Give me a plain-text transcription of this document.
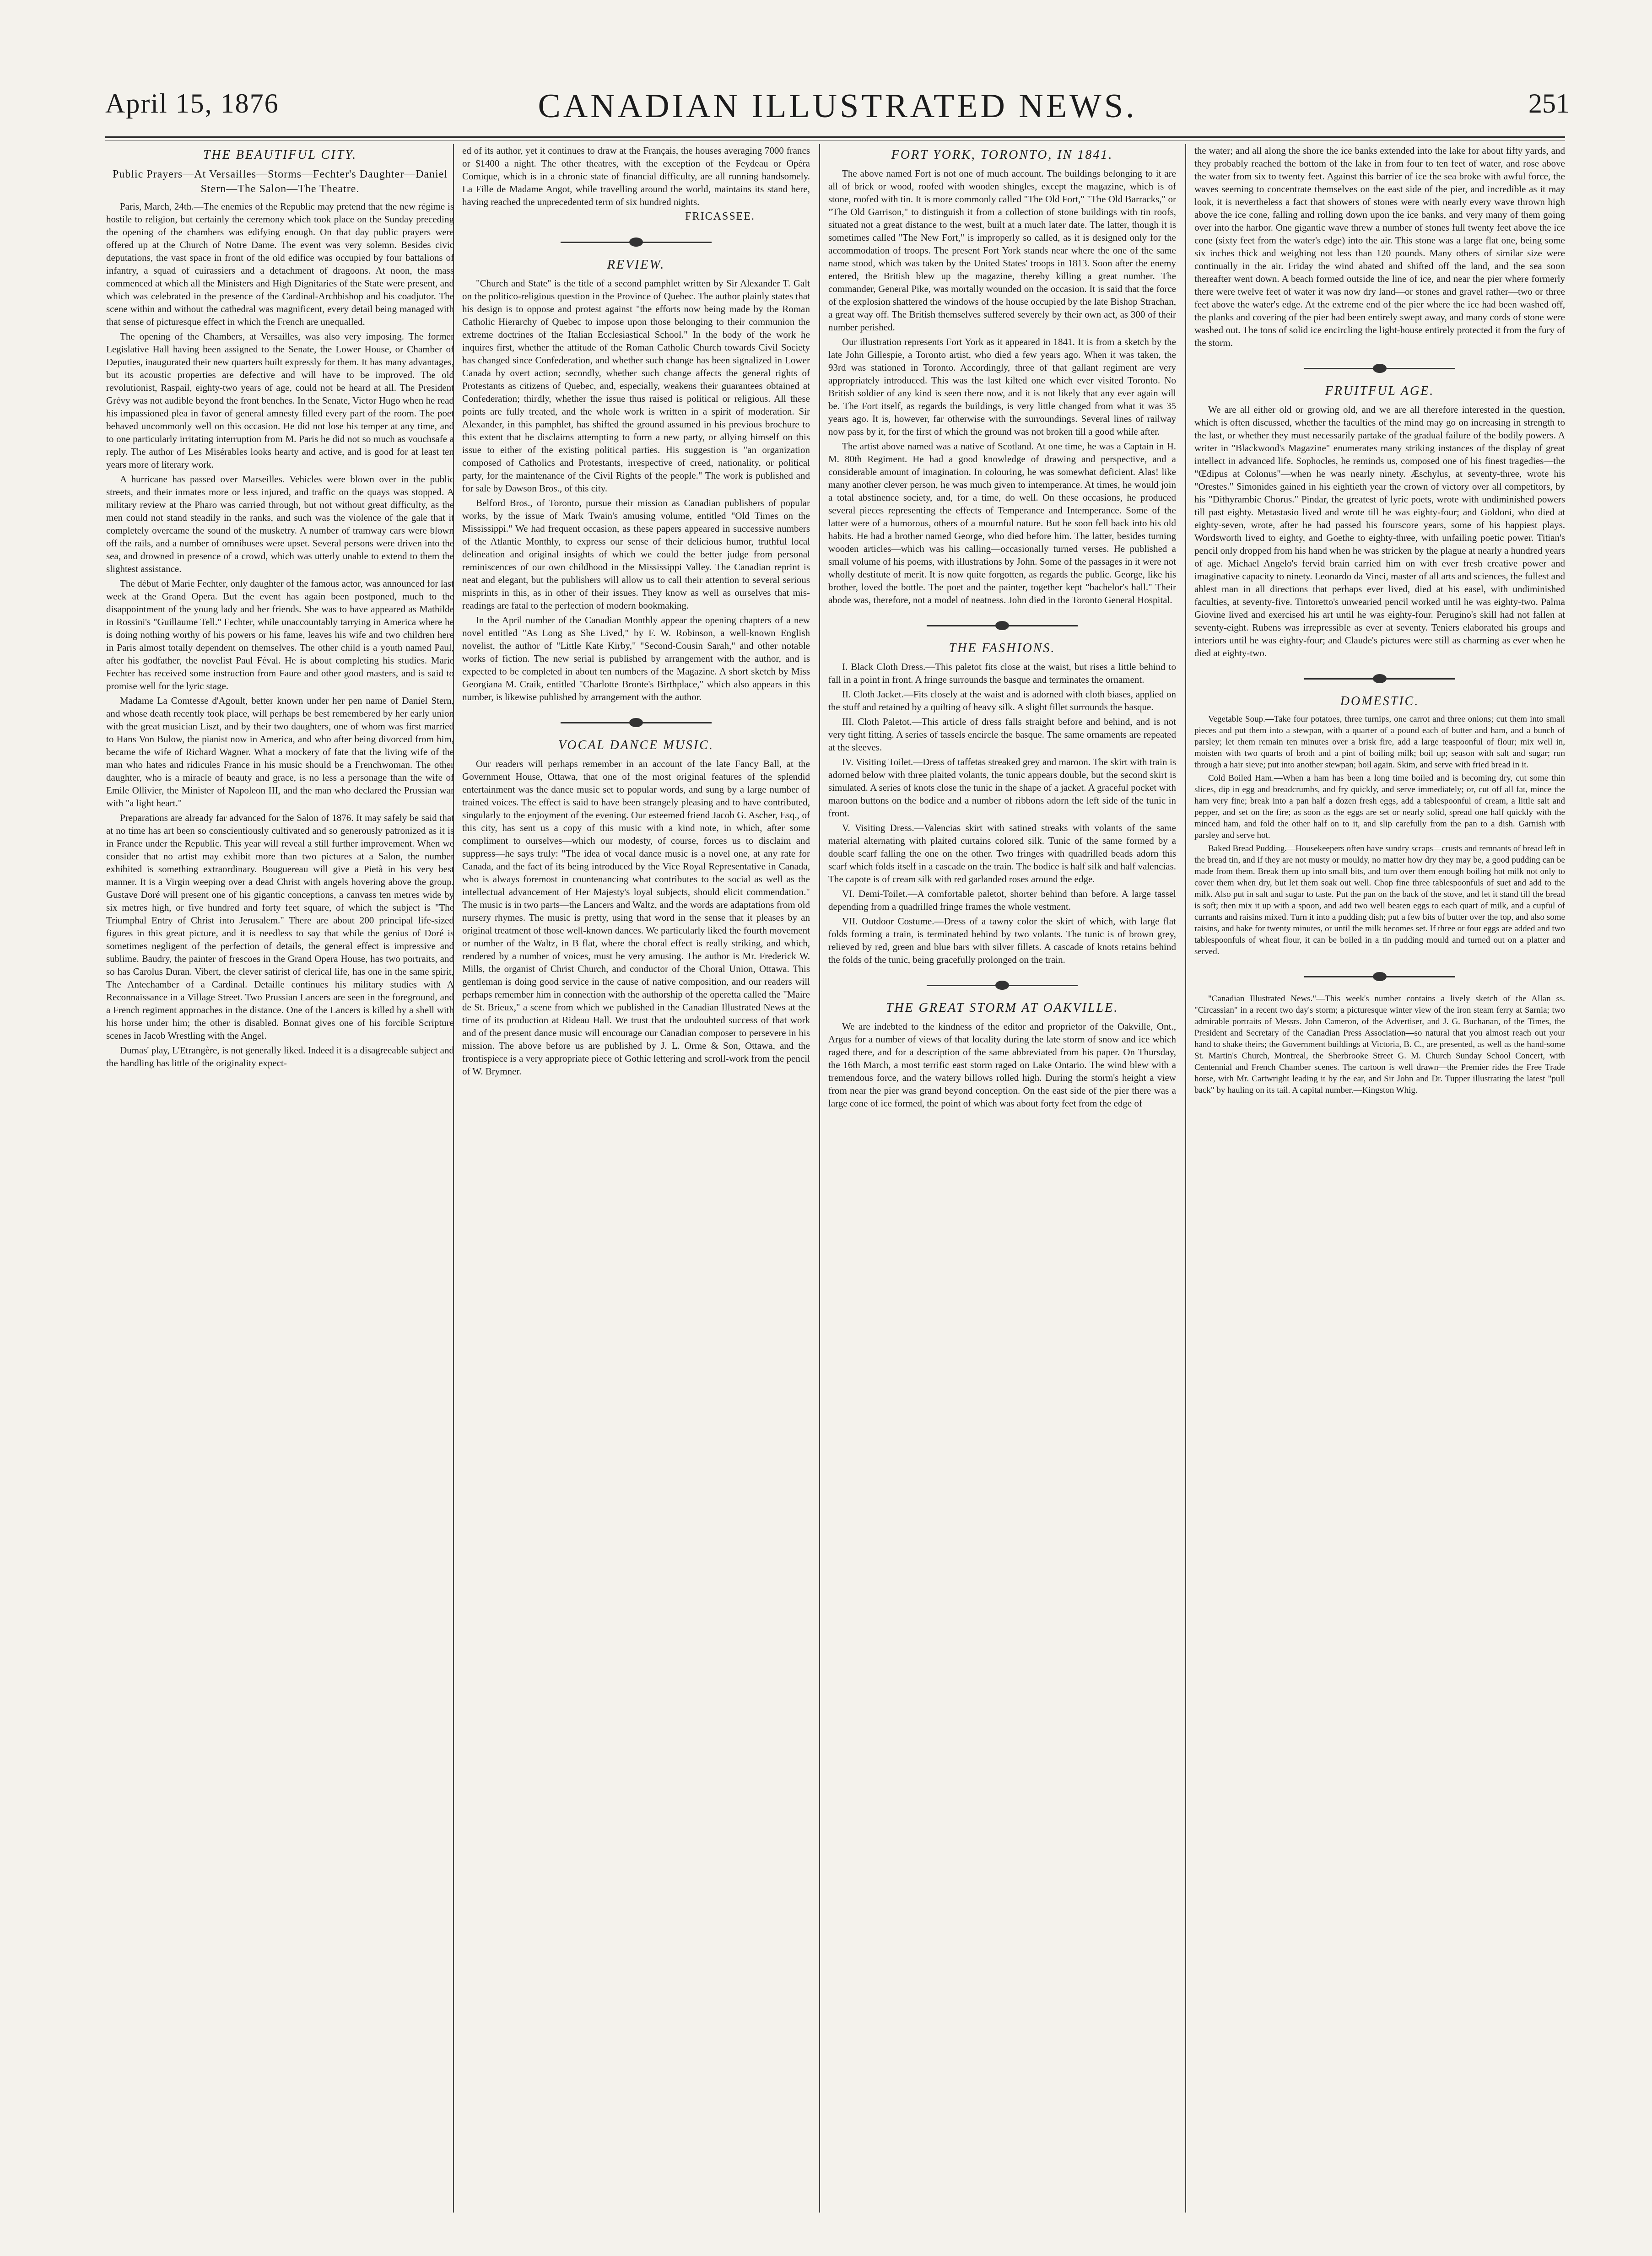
April 15, 1876	CANADIAN ILLUSTRATED NEWS.	251
THE BEAUTIFUL CITY.
Public Prayers—At Versailles—Storms—Fechter's Daughter—Daniel Stern—The Salon—The Theatre.

Paris, March, 24th.—The enemies of the Republic may pretend that the new régime is hostile to religion, but certainly the ceremony which took place on the Sunday preceding the opening of the chambers was edifying enough. On that day public prayers were offered up at the Church of Notre Dame. The event was very solemn. Besides civic deputations, the vast space in front of the old edifice was occupied by four battalions of infantry, a squad of cuirassiers and a detachment of dragoons. At noon, the mass commenced at which all the Ministers and High Dignitaries of the State were present, and which was celebrated in the presence of the Cardinal-Archbishop and his coadjutor. The scene within and without the cathedral was magnificent, every detail being managed with that sense of picturesque effect in which the French are unequalled.

The opening of the Chambers, at Versailles, was also very imposing. The former Legislative Hall having been assigned to the Senate, the Lower House, or Chamber of Deputies, inaugurated their new quarters built expressly for them. It has many advantages, but its acoustic properties are defective and will have to be improved. The old revolutionist, Raspail, eighty-two years of age, could not be heard at all. The President Grévy was not audible beyond the front benches. In the Senate, Victor Hugo when he read his impassioned plea in favor of general amnesty filled every part of the room. The poet behaved uncommonly well on this occasion. He did not lose his temper at any time, and to one particularly irritating interruption from M. Paris he did not so much as vouchsafe a reply. The author of Les Misérables looks hearty and active, and is good for at least ten years more of literary work.

A hurricane has passed over Marseilles. Vehicles were blown over in the public streets, and their inmates more or less injured, and traffic on the quays was stopped. A military review at the Pharo was carried through, but not without great difficulty, as the men could not stand steadily in the ranks, and such was the violence of the gale that it completely overcame the sound of the musketry. A number of tramway cars were blown off the rails, and a number of omnibuses were upset. Several persons were driven into the sea, and drowned in presence of a crowd, which was utterly unable to extend to them the slightest assistance.

The début of Marie Fechter, only daughter of the famous actor, was announced for last week at the Grand Opera. But the event has again been postponed, much to the disappointment of the young lady and her friends. She was to have appeared as Mathilde in Rossini's "Guillaume Tell." Fechter, while unaccountably tarrying in America where he is doing nothing worthy of his powers or his fame, leaves his wife and two children here in Paris almost totally dependent on themselves. The other child is a youth named Paul, after his godfather, the novelist Paul Féval. He is about completing his studies. Marie Fechter has received some instruction from Faure and other good masters, and is said to promise well for the lyric stage.

Madame La Comtesse d'Agoult, better known under her pen name of Daniel Stern, and whose death recently took place, will perhaps be best remembered by her early union with the great musician Liszt, and by their two daughters, one of whom was first married to Hans Von Bulow, the pianist now in America, and who after being divorced from him, became the wife of Richard Wagner. What a mockery of fate that the living wife of the man who hates and ridicules France in his music should be a Frenchwoman. The other daughter, who is a miracle of beauty and grace, is no less a personage than the wife of Emile Ollivier, the Minister of Napoleon III, and the man who declared the Prussian war with "a light heart."

Preparations are already far advanced for the Salon of 1876. It may safely be said that at no time has art been so conscientiously cultivated and so generously patronized as it is in France under the Republic. This year will reveal a still further improvement. When we consider that no artist may exhibit more than two pictures at a Salon, the number exhibited is something extraordinary. Bouguereau will give a Pietà in his very best manner. It is a Virgin weeping over a dead Christ with angels hovering above the group. Gustave Doré will present one of his gigantic conceptions, a canvass ten metres wide by six metres high, or five hundred and forty feet square, of which the subject is "The Triumphal Entry of Christ into Jerusalem." There are about 200 principal life-sized figures in this great picture, and it is needless to say that while the genius of Doré is sometimes negligent of the perfection of details, the general effect is impressive and sublime. Baudry, the painter of frescoes in the Grand Opera House, has two portraits, and so has Carolus Duran. Vibert, the clever satirist of clerical life, has one in the same spirit, The Antechamber of a Cardinal. Detaille continues his military studies with A Reconnaissance in a Village Street. Two Prussian Lancers are seen in the foreground, and a French regiment approaches in the distance. One of the Lancers is killed by a shell with his horse under him; the other is disabled. Bonnat gives one of his forcible Scripture scenes in Jacob Wrestling with the Angel.

Dumas' play, L'Etrangère, is not generally liked. Indeed it is a disagreeable subject and the handling has little of the originality expect-

ed of its author, yet it continues to draw at the Français, the houses averaging 7000 francs or $1400 a night. The other theatres, with the exception of the Feydeau or Opéra Comique, which is in a chronic state of financial difficulty, are all running handsomely. La Fille de Madame Angot, while travelling around the world, maintains its stand here, having reached the unprecedented term of six hundred nights.

FRICASSEE.
REVIEW.

"Church and State" is the title of a second pamphlet written by Sir Alexander T. Galt on the politico-religious question in the Province of Quebec. The author plainly states that his design is to oppose and protest against "the efforts now being made by the Roman Catholic Hierarchy of Quebec to impose upon those belonging to their communion the extreme doctrines of the Italian Ecclesiastical School." In the body of the work he inquires first, whether the attitude of the Roman Catholic Church towards Civil Society has changed since Confederation, and whether such change has been signalized in Lower Canada by overt action; secondly, whether such change affects the general rights of Protestants as citizens of Quebec, and, especially, weakens their guarantees obtained at Confederation; thirdly, whether the issue thus raised is political or religious. All these points are fully treated, and the whole work is written in a spirit of moderation. Sir Alexander, in this pamphlet, has shifted the ground assumed in his previous brochure to this extent that he disclaims attempting to form a new party, or allying himself on this issue to either of the existing political parties. His suggestion is "an organization composed of Catholics and Protestants, irrespective of creed, nationality, or political party, for the maintenance of the Civil Rights of the people." The work is published and for sale by Dawson Bros., of this city.

Belford Bros., of Toronto, pursue their mission as Canadian publishers of popular works, by the issue of Mark Twain's amusing volume, entitled "Old Times on the Mississippi." We had frequent occasion, as these papers appeared in successive numbers of the Atlantic Monthly, to express our sense of their delicious humor, truthful local delineation and original insights of which we could the better judge from personal reminiscences of our own childhood in the Mississippi Valley. The Canadian reprint is neat and elegant, but the publishers will allow us to call their attention to several serious misprints in this, as in other of their issues. They know as well as ourselves that mis-readings are fatal to the perfection of modern bookmaking.

In the April number of the Canadian Monthly appear the opening chapters of a new novel entitled "As Long as She Lived," by F. W. Robinson, a well-known English novelist, the author of "Little Kate Kirby," "Second-Cousin Sarah," and other notable works of fiction. The new serial is published by arrangement with the author, and is expected to be completed in about ten numbers of the Magazine. A short sketch by Miss Georgiana M. Craik, entitled "Charlotte Bronte's Birthplace," which also appears in this number, is likewise published by arrangement with the author.

VOCAL DANCE MUSIC.

Our readers will perhaps remember in an account of the late Fancy Ball, at the Government House, Ottawa, that one of the most original features of the splendid entertainment was the dance music set to popular words, and sung by a large number of trained voices. The effect is said to have been strangely pleasing and to have contributed, singularly to the enjoyment of the evening. Our esteemed friend Jacob G. Ascher, Esq., of this city, has sent us a copy of this music with a kind note, in which, after some compliment to ourselves—which our modesty, of course, forces us to disclaim and suppress—he says truly: "The idea of vocal dance music is a novel one, at any rate for Canada, and the fact of its being introduced by the Vice Royal Representative in Canada, who is always foremost in countenancing what contributes to the social as well as the intellectual advancement of Her Majesty's loyal subjects, should elicit commendation." The music is in two parts—the Lancers and Waltz, and the words are adaptations from old nursery rhymes. The music is pretty, using that word in the sense that it pleases by an original treatment of those well-known dances. We particularly liked the fourth movement or number of the Waltz, in B flat, where the choral effect is really striking, and which, rendered by a number of voices, must be very amusing. The author is Mr. Frederick W. Mills, the organist of Christ Church, and conductor of the Choral Union, Ottawa. This gentleman is doing good service in the cause of native composition, and our readers will perhaps remember him in connection with the authorship of the operetta called the "Maire de St. Brieux," a scene from which we published in the Canadian Illustrated News at the time of its production at Rideau Hall. We trust that the undoubted success of that work and of the present dance music will encourage our Canadian composer to persevere in his mission. The above before us are published by J. L. Orme & Son, Ottawa, and the frontispiece is a very appropriate piece of Gothic lettering and scroll-work from the pencil of W. Brymner.

FORT YORK, TORONTO, IN 1841.

The above named Fort is not one of much account. The buildings belonging to it are all of brick or wood, roofed with wooden shingles, except the magazine, which is of stone, roofed with tin. It is more commonly called "The Old Fort," "The Old Barracks," or "The Old Garrison," to distinguish it from a collection of stone buildings with tin roofs, situated not a great distance to the west, built at a much later date. The latter, though it is sometimes called "The New Fort," is improperly so called, as it is designed only for the accommodation of troops. The present Fort York stands near where the one of the same name stood, which was taken by the United States' troops in 1813. Soon after the enemy entered, the British blew up the magazine, thereby killing a great number. The commander, General Pike, was mortally wounded on the occasion. It is said that the force of the explosion shattered the windows of the house occupied by the late Bishop Strachan, a great way off. The British themselves suffered severely by their own act, as 300 of their number perished.

Our illustration represents Fort York as it appeared in 1841. It is from a sketch by the late John Gillespie, a Toronto artist, who died a few years ago. When it was taken, the 93rd was stationed in Toronto. Accordingly, three of that gallant regiment are very appropriately introduced. This was the last kilted one which ever visited Toronto. No British soldier of any kind is seen there now, and it is not likely that any ever again will be. The Fort itself, as regards the buildings, is very little changed from what it was 35 years ago. It is, however, far otherwise with the surroundings. Several lines of railway now pass by it, for the first of which the ground was not broken till a good while after.

The artist above named was a native of Scotland. At one time, he was a Captain in H. M. 80th Regiment. He had a good knowledge of drawing and perspective, and a considerable amount of imagination. In colouring, he was somewhat deficient. Alas! like many another clever person, he was much given to intemperance. At times, he would join a total abstinence society, and, for a time, do well. On these occasions, he produced several pieces representing the effects of Temperance and Intemperance. Some of the latter were of a humorous, others of a mournful nature. But he soon fell back into his old habits. He had a brother named George, who died before him. The latter, besides turning wooden articles—which was his calling—occasionally turned verses. He published a small volume of his poems, with illustrations by John. Some of the passages in it were not wholly destitute of merit. It is now quite forgotten, as regards the public. George, like his brother, loved the bottle. The poet and the painter, together kept "bachelor's hall." Their abode was, therefore, not a model of neatness. John died in the Toronto General Hospital.

THE FASHIONS.

I. Black Cloth Dress.—This paletot fits close at the waist, but rises a little behind to fall in a point in front. A fringe surrounds the basque and terminates the ornament.

II. Cloth Jacket.—Fits closely at the waist and is adorned with cloth biases, applied on the stuff and retained by a quilting of heavy silk. A slight fillet surrounds the basque.

III. Cloth Paletot.—This article of dress falls straight before and behind, and is not very tight fitting. A series of tassels encircle the basque. The same ornaments are repeated at the sleeves.

IV. Visiting Toilet.—Dress of taffetas streaked grey and maroon. The skirt with train is adorned below with three plaited volants, the tunic appears double, but the second skirt is simulated. A series of knots close the tunic in the shape of a jacket. A graceful pocket with maroon buttons on the bodice and a number of ribbons adorn the left side of the tunic in front.

V. Visiting Dress.—Valencias skirt with satined streaks with volants of the same material alternating with plaited curtains colored silk. Tunic of the same formed by a double scarf falling the one on the other. Two fringes with quadrilled beads adorn this scarf which folds itself in a cascade on the train. The bodice is half silk and half valencias. The capote is of cream silk with red garlanded roses around the edge.

VI. Demi-Toilet.—A comfortable paletot, shorter behind than before. A large tassel depending from a quadrilled fringe frames the whole vestment.

VII. Outdoor Costume.—Dress of a tawny color the skirt of which, with large flat folds forming a train, is terminated behind by two volants. The tunic is of brown grey, relieved by red, green and blue bars with silver fillets. A cascade of knots retains behind the folds of the tunic, being gracefully prolonged on the train.

THE GREAT STORM AT OAKVILLE.

We are indebted to the kindness of the editor and proprietor of the Oakville, Ont., Argus for a number of views of that locality during the late storm of snow and ice which raged there, and for a description of the same abbreviated from his paper. On Thursday, the 16th March, a most terrific east storm raged on Lake Ontario. The wind blew with a tremendous force, and the watery billows rolled high. During the storm's height a view from near the pier was grand beyond conception. On the east side of the pier there was a large cone of ice formed, the point of which was about forty feet from the edge of

the water; and all along the shore the ice banks extended into the lake for about fifty yards, and they probably reached the bottom of the lake in from four to ten feet of water, and rose above the water from six to twenty feet. Against this barrier of ice the sea broke with awful force, the waves seeming to concentrate themselves on the east side of the pier, and incredible as it may look, it is nevertheless a fact that showers of stones were with nearly every wave thrown high above the ice cone, falling and rolling down upon the ice banks, and very many of them going over into the harbor. One gigantic wave threw a number of stones full twenty feet above the ice cone (sixty feet from the water's edge) into the air. This stone was a large flat one, being some six inches thick and weighing not less than 120 pounds. Many others of similar size were continually in the air. Friday the wind abated and shifted off the land, and the sea soon thereafter went down. A beach formed outside the line of ice, and near the pier where formerly there were twelve feet of water it was now dry land—or stones and gravel rather—two or three feet above the water's edge. At the extreme end of the pier where the ice had been washed off, the planks and covering of the pier had been entirely swept away, and many cords of stone were washed out. The tons of solid ice encircling the light-house entirely protected it from the fury of the storm.

FRUITFUL AGE.

We are all either old or growing old, and we are all therefore interested in the question, which is often discussed, whether the faculties of the mind may go on increasing in strength to the last, or whether they must necessarily partake of the gradual failure of the bodily powers. A writer in "Blackwood's Magazine" enumerates many striking instances of the display of great intellect in advanced life. Sophocles, he reminds us, composed one of his finest tragedies—the "Œdipus at Colonus"—when he was nearly ninety. Æschylus, at seventy-three, wrote his "Orestes." Simonides gained in his eightieth year the crown of victory over all competitors, by his "Dithyrambic Chorus." Pindar, the greatest of lyric poets, wrote with undiminished powers till past eighty. Metastasio lived and wrote till he was eighty-four; and Goldoni, who died at eighty-seven, wrote, after he had passed his fourscore years, some of his happiest plays. Wordsworth lived to eighty, and Goethe to eighty-three, with unfailing poetic power. Titian's pencil only dropped from his hand when he was stricken by the plague at nearly a hundred years of age. Michael Angelo's fervid brain carried him on with ever fresh creative power and imaginative capacity to ninety. Leonardo da Vinci, master of all arts and sciences, the fullest and ablest man in all directions that perhaps ever lived, died at his easel, with undiminished faculties, at seventy-five. Tintoretto's unwearied pencil worked until he was eighty-two. Palma Giovine lived and exercised his art until he was eighty-four. Perugino's skill had not fallen at seventy-eight. Rubens was irrepressible as ever at seventy. Teniers elaborated his groups and interiors until he was eighty-four; and Claude's pictures were still as charming as ever when he died at eighty-two.

DOMESTIC.

Vegetable Soup.—Take four potatoes, three turnips, one carrot and three onions; cut them into small pieces and put them into a stewpan, with a quarter of a pound each of butter and ham, and a bunch of parsley; let them remain ten minutes over a brisk fire, add a large teaspoonful of flour; mix well in, moisten with two quarts of broth and a pint of boiling milk; boil up; season with salt and sugar; run through a hair sieve; put into another stewpan; boil again. Skim, and serve with fried bread in it.

Cold Boiled Ham.—When a ham has been a long time boiled and is becoming dry, cut some thin slices, dip in egg and breadcrumbs, and fry quickly, and serve immediately; or, cut off all fat, mince the ham very fine; break into a pan half a dozen fresh eggs, add a tablespoonful of cream, a little salt and pepper, and set on the fire; as soon as the eggs are set or nearly solid, spread one half quickly with the minced ham, and fold the other half on to it, and slip carefully from the pan to a dish. Garnish with parsley and serve hot.

Baked Bread Pudding.—Housekeepers often have sundry scraps—crusts and remnants of bread left in the bread tin, and if they are not musty or mouldy, no matter how dry they may be, a good pudding can be made from them. Break them up into small bits, and turn over them enough boiling hot milk not only to cover them when dry, but let them soak out well. Chop fine three tablespoonfuls of suet and add to the milk. Also put in salt and sugar to taste. Put the pan on the back of the stove, and let it stand till the bread is soft; then mix it up with a spoon, and add two well beaten eggs to each quart of milk, and a cupful of currants and raisins mixed. Turn it into a pudding dish; put a few bits of butter over the top, and also some raisins, and bake for twenty minutes, or until the milk becomes set. If three or four eggs are added and two tablespoonfuls of wheat flour, it can be boiled in a tin pudding mould and turned out on a platter and served.

"Canadian Illustrated News."—This week's number contains a lively sketch of the Allan ss. "Circassian" in a recent two day's storm; a picturesque winter view of the iron steam ferry at Sarnia; two admirable portraits of Messrs. John Cameron, of the Advertiser, and J. G. Buchanan, of the Times, the President and Secretary of the Canadian Press Association—so natural that you almost reach out your hand to shake theirs; the Government buildings at Victoria, B. C., are presented, as well as the hand-some St. Martin's Church, Montreal, the Sherbrooke Street G. M. Church Sunday School Concert, with Centennial and French Chamber scenes. The cartoon is well drawn—the Premier rides the Free Trade horse, with Mr. Cartwright leading it by the ear, and Sir John and Dr. Tupper illustrating the latest "pull back" by hauling on its tail. A capital number.—Kingston Whig.
